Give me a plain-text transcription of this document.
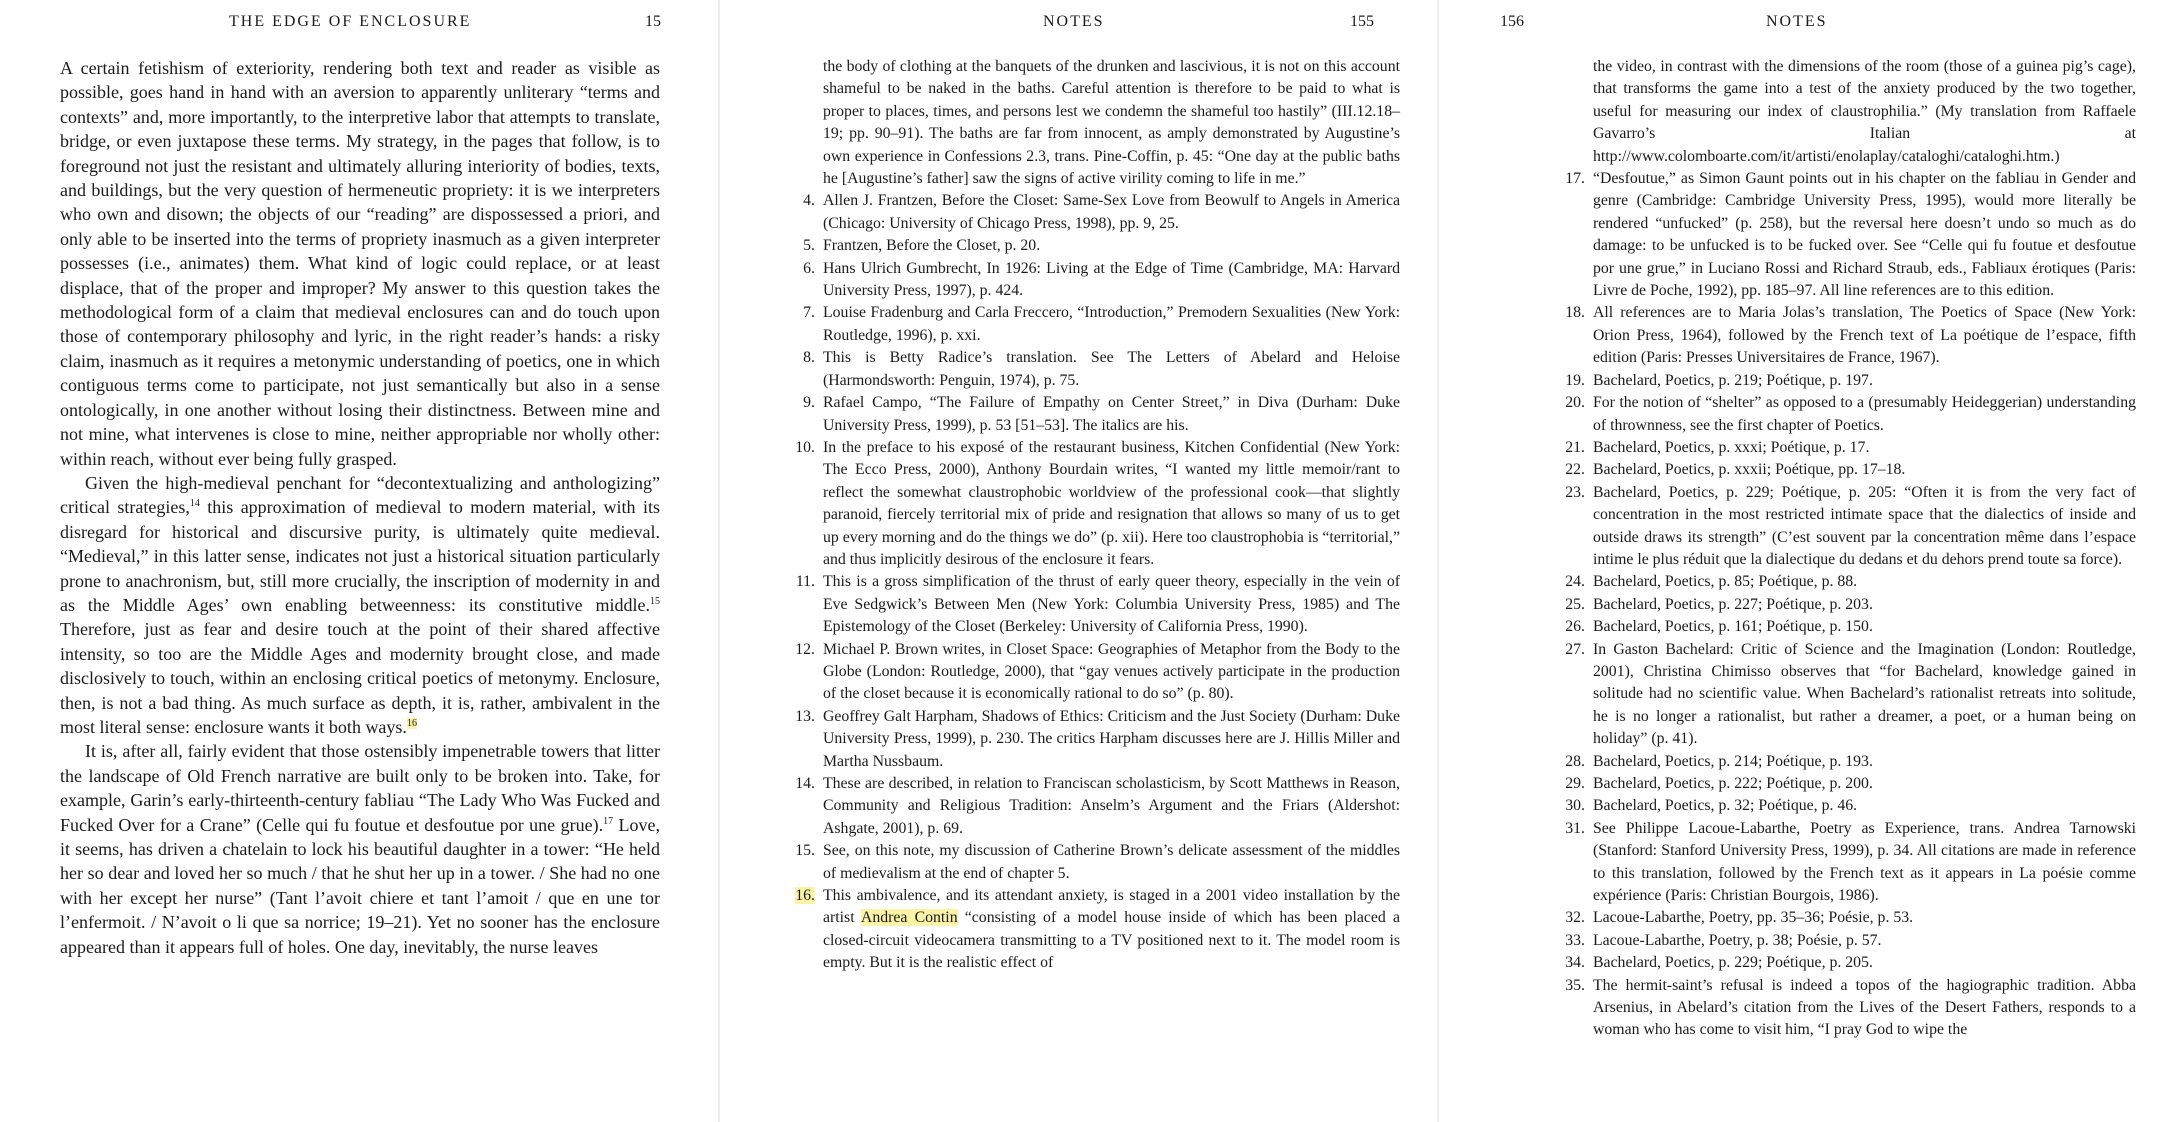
THE EDGE OF ENCLOSURE	15

A certain fetishism of exteriority, rendering both text and reader as visible as possible, goes hand in hand with an aversion to apparently unliterary “terms and contexts” and, more importantly, to the interpretive labor that attempts to translate, bridge, or even juxtapose these terms. My strategy, in the pages that follow, is to foreground not just the resistant and ultimately alluring interiority of bodies, texts, and buildings, but the very question of hermeneutic propriety: it is we interpreters who own and disown; the objects of our “reading” are dispossessed a priori, and only able to be inserted into the terms of propriety inasmuch as a given interpreter possesses (i.e., animates) them. What kind of logic could replace, or at least displace, that of the proper and improper? My answer to this question takes the methodological form of a claim that medieval enclosures can and do touch upon those of contemporary philosophy and lyric, in the right reader’s hands: a risky claim, inasmuch as it requires a metonymic understanding of poetics, one in which contiguous terms come to participate, not just semantically but also in a sense ontologically, in one another without losing their distinctness. Between mine and not mine, what intervenes is close to mine, neither appropriable nor wholly other: within reach, without ever being fully grasped.

Given the high-medieval penchant for “decontextualizing and anthologizing” critical strategies,$^{14}$ this approximation of medieval to modern material, with its disregard for historical and discursive purity, is ultimately quite medieval. “Medieval,” in this latter sense, indicates not just a historical situation particularly prone to anachronism, but, still more crucially, the inscription of modernity in and as the Middle Ages’ own enabling betweenness: its constitutive middle.$^{15}$ Therefore, just as fear and desire touch at the point of their shared affective intensity, so too are the Middle Ages and modernity brought close, and made disclosively to touch, within an enclosing critical poetics of metonymy. Enclosure, then, is not a bad thing. As much surface as depth, it is, rather, ambivalent in the most literal sense: enclosure wants it both ways.$^{16}$

It is, after all, fairly evident that those ostensibly impenetrable towers that litter the landscape of Old French narrative are built only to be broken into. Take, for example, Garin’s early-thirteenth-century fabliau “The Lady Who Was Fucked and Fucked Over for a Crane” (Celle qui fu foutue et desfoutue por une grue).$^{17}$ Love, it seems, has driven a chatelain to lock his beautiful daughter in a tower: “He held her so dear and loved her so much / that he shut her up in a tower. / She had no one with her except her nurse” (Tant l’avoit chiere et tant l’amoit / que en une tor l’enfermoit. / N’avoit o li que sa norrice; 19–21). Yet no sooner has the enclosure appeared than it appears full of holes. One day, inevitably, the nurse leaves

NOTES	155
the body of clothing at the banquets of the drunken and lascivious, it is not on this account shameful to be naked in the baths. Careful attention is therefore to be paid to what is proper to places, times, and persons lest we condemn the shameful too hastily” (III.12.18–19; pp. 90–91). The baths are far from innocent, as amply demonstrated by Augustine’s own experience in Confessions 2.3, trans. Pine-Coffin, p. 45: “One day at the public baths he [Augustine’s father] saw the signs of active virility coming to life in me.”
4. Allen J. Frantzen, Before the Closet: Same-Sex Love from Beowulf to Angels in America (Chicago: University of Chicago Press, 1998), pp. 9, 25.
5. Frantzen, Before the Closet, p. 20.
6. Hans Ulrich Gumbrecht, In 1926: Living at the Edge of Time (Cambridge, MA: Harvard University Press, 1997), p. 424.
7. Louise Fradenburg and Carla Freccero, “Introduction,” Premodern Sexualities (New York: Routledge, 1996), p. xxi.
8. This is Betty Radice’s translation. See The Letters of Abelard and Heloise (Harmondsworth: Penguin, 1974), p. 75.
9. Rafael Campo, “The Failure of Empathy on Center Street,” in Diva (Durham: Duke University Press, 1999), p. 53 [51–53]. The italics are his.
10. In the preface to his exposé of the restaurant business, Kitchen Confidential (New York: The Ecco Press, 2000), Anthony Bourdain writes, “I wanted my little memoir/rant to reflect the somewhat claustrophobic worldview of the professional cook—that slightly paranoid, fiercely territorial mix of pride and resignation that allows so many of us to get up every morning and do the things we do” (p. xii). Here too claustrophobia is “territorial,” and thus implicitly desirous of the enclosure it fears.
11. This is a gross simplification of the thrust of early queer theory, especially in the vein of Eve Sedgwick’s Between Men (New York: Columbia University Press, 1985) and The Epistemology of the Closet (Berkeley: University of California Press, 1990).
12. Michael P. Brown writes, in Closet Space: Geographies of Metaphor from the Body to the Globe (London: Routledge, 2000), that “gay venues actively participate in the production of the closet because it is economically rational to do so” (p. 80).
13. Geoffrey Galt Harpham, Shadows of Ethics: Criticism and the Just Society (Durham: Duke University Press, 1999), p. 230. The critics Harpham discusses here are J. Hillis Miller and Martha Nussbaum.
14. These are described, in relation to Franciscan scholasticism, by Scott Matthews in Reason, Community and Religious Tradition: Anselm’s Argument and the Friars (Aldershot: Ashgate, 2001), p. 69.
15. See, on this note, my discussion of Catherine Brown’s delicate assessment of the middles of medievalism at the end of chapter 5.
16. This ambivalence, and its attendant anxiety, is staged in a 2001 video installation by the artist Andrea Contin “consisting of a model house inside of which has been placed a closed-circuit videocamera transmitting to a TV positioned next to it. The model room is empty. But it is the realistic effect of
156	NOTES
the video, in contrast with the dimensions of the room (those of a guinea pig’s cage), that transforms the game into a test of the anxiety produced by the two together, useful for measuring our index of claustrophilia.” (My translation from Raffaele Gavarro’s Italian at http://www.colomboarte.com/it/artisti/enolaplay/cataloghi/cataloghi.htm.)
17. “Desfoutue,” as Simon Gaunt points out in his chapter on the fabliau in Gender and genre (Cambridge: Cambridge University Press, 1995), would more literally be rendered “unfucked” (p. 258), but the reversal here doesn’t undo so much as do damage: to be unfucked is to be fucked over. See “Celle qui fu foutue et desfoutue por une grue,” in Luciano Rossi and Richard Straub, eds., Fabliaux érotiques (Paris: Livre de Poche, 1992), pp. 185–97. All line references are to this edition.
18. All references are to Maria Jolas’s translation, The Poetics of Space (New York: Orion Press, 1964), followed by the French text of La poétique de l’espace, fifth edition (Paris: Presses Universitaires de France, 1967).
19. Bachelard, Poetics, p. 219; Poétique, p. 197.
20. For the notion of “shelter” as opposed to a (presumably Heideggerian) understanding of thrownness, see the first chapter of Poetics.
21. Bachelard, Poetics, p. xxxi; Poétique, p. 17.
22. Bachelard, Poetics, p. xxxii; Poétique, pp. 17–18.
23. Bachelard, Poetics, p. 229; Poétique, p. 205: “Often it is from the very fact of concentration in the most restricted intimate space that the dialectics of inside and outside draws its strength” (C’est souvent par la concentration même dans l’espace intime le plus réduit que la dialectique du dedans et du dehors prend toute sa force).
24. Bachelard, Poetics, p. 85; Poétique, p. 88.
25. Bachelard, Poetics, p. 227; Poétique, p. 203.
26. Bachelard, Poetics, p. 161; Poétique, p. 150.
27. In Gaston Bachelard: Critic of Science and the Imagination (London: Routledge, 2001), Christina Chimisso observes that “for Bachelard, knowledge gained in solitude had no scientific value. When Bachelard’s rationalist retreats into solitude, he is no longer a rationalist, but rather a dreamer, a poet, or a human being on holiday” (p. 41).
28. Bachelard, Poetics, p. 214; Poétique, p. 193.
29. Bachelard, Poetics, p. 222; Poétique, p. 200.
30. Bachelard, Poetics, p. 32; Poétique, p. 46.
31. See Philippe Lacoue-Labarthe, Poetry as Experience, trans. Andrea Tarnowski (Stanford: Stanford University Press, 1999), p. 34. All citations are made in reference to this translation, followed by the French text as it appears in La poésie comme expérience (Paris: Christian Bourgois, 1986).
32. Lacoue-Labarthe, Poetry, pp. 35–36; Poésie, p. 53.
33. Lacoue-Labarthe, Poetry, p. 38; Poésie, p. 57.
34. Bachelard, Poetics, p. 229; Poétique, p. 205.
35. The hermit-saint’s refusal is indeed a topos of the hagiographic tradition. Abba Arsenius, in Abelard’s citation from the Lives of the Desert Fathers, responds to a woman who has come to visit him, “I pray God to wipe the
